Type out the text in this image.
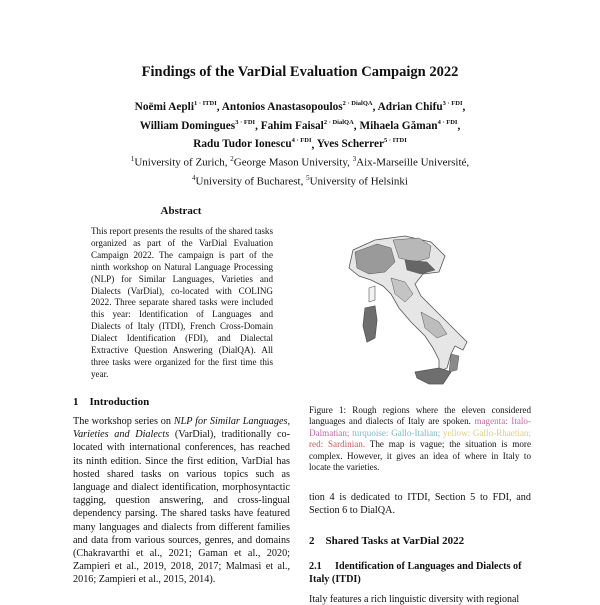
Findings of the VarDial Evaluation Campaign 2022
Noëmi Aepli$^{1 \cdot ITDI}$, Antonios Anastasopoulos$^{2 \cdot DialQA}$, Adrian Chifu$^{3 \cdot FDI}$,
William Domingues$^{3 \cdot FDI}$, Fahim Faisal$^{2 \cdot DialQA}$, Mihaela Găman$^{4 \cdot FDI}$,
Radu Tudor Ionescu$^{4 \cdot FDI}$, Yves Scherrer$^{5 \cdot ITDI}$
$^1$University of Zurich, $^2$George Mason University, $^3$Aix-Marseille Université,
$^4$University of Bucharest, $^5$University of Helsinki
Abstract
This report presents the results of the shared tasks organized as part of the VarDial Evaluation Campaign 2022. The campaign is part of the ninth workshop on Natural Language Processing (NLP) for Similar Languages, Varieties and Dialects (VarDial), co-located with COLING 2022. Three separate shared tasks were included this year: Identification of Languages and Dialects of Italy (ITDI), French Cross-Domain Dialect Identification (FDI), and Dialectal Extractive Question Answering (DialQA). All three tasks were organized for the first time this year.
1 Introduction
The workshop series on NLP for Similar Languages, Varieties and Dialects (VarDial), traditionally co-located with international conferences, has reached its ninth edition. Since the first edition, VarDial has hosted shared tasks on various topics such as language and dialect identification, morphosyntactic tagging, question answering, and cross-lingual dependency parsing. The shared tasks have featured many languages and dialects from different families and data from various sources, genres, and domains (Chakravarthi et al., 2021; Gaman et al., 2020; Zampieri et al., 2019, 2018, 2017; Malmasi et al., 2016; Zampieri et al., 2015, 2014).
Figure 1: Rough regions where the eleven considered languages and dialects of Italy are spoken. magenta: Italo-Dalmatian; turquoise: Gallo-Italian; yellow: Gallo-Rhaetian; red: Sardinian. The map is vague; the situation is more complex. However, it gives an idea of where in Italy to locate the varieties.
tion 4 is dedicated to ITDI, Section 5 to FDI, and Section 6 to DialQA.
2 Shared Tasks at VarDial 2022
2.1 Identification of Languages and Dialects of Italy (ITDI)
Italy features a rich linguistic diversity with regional
